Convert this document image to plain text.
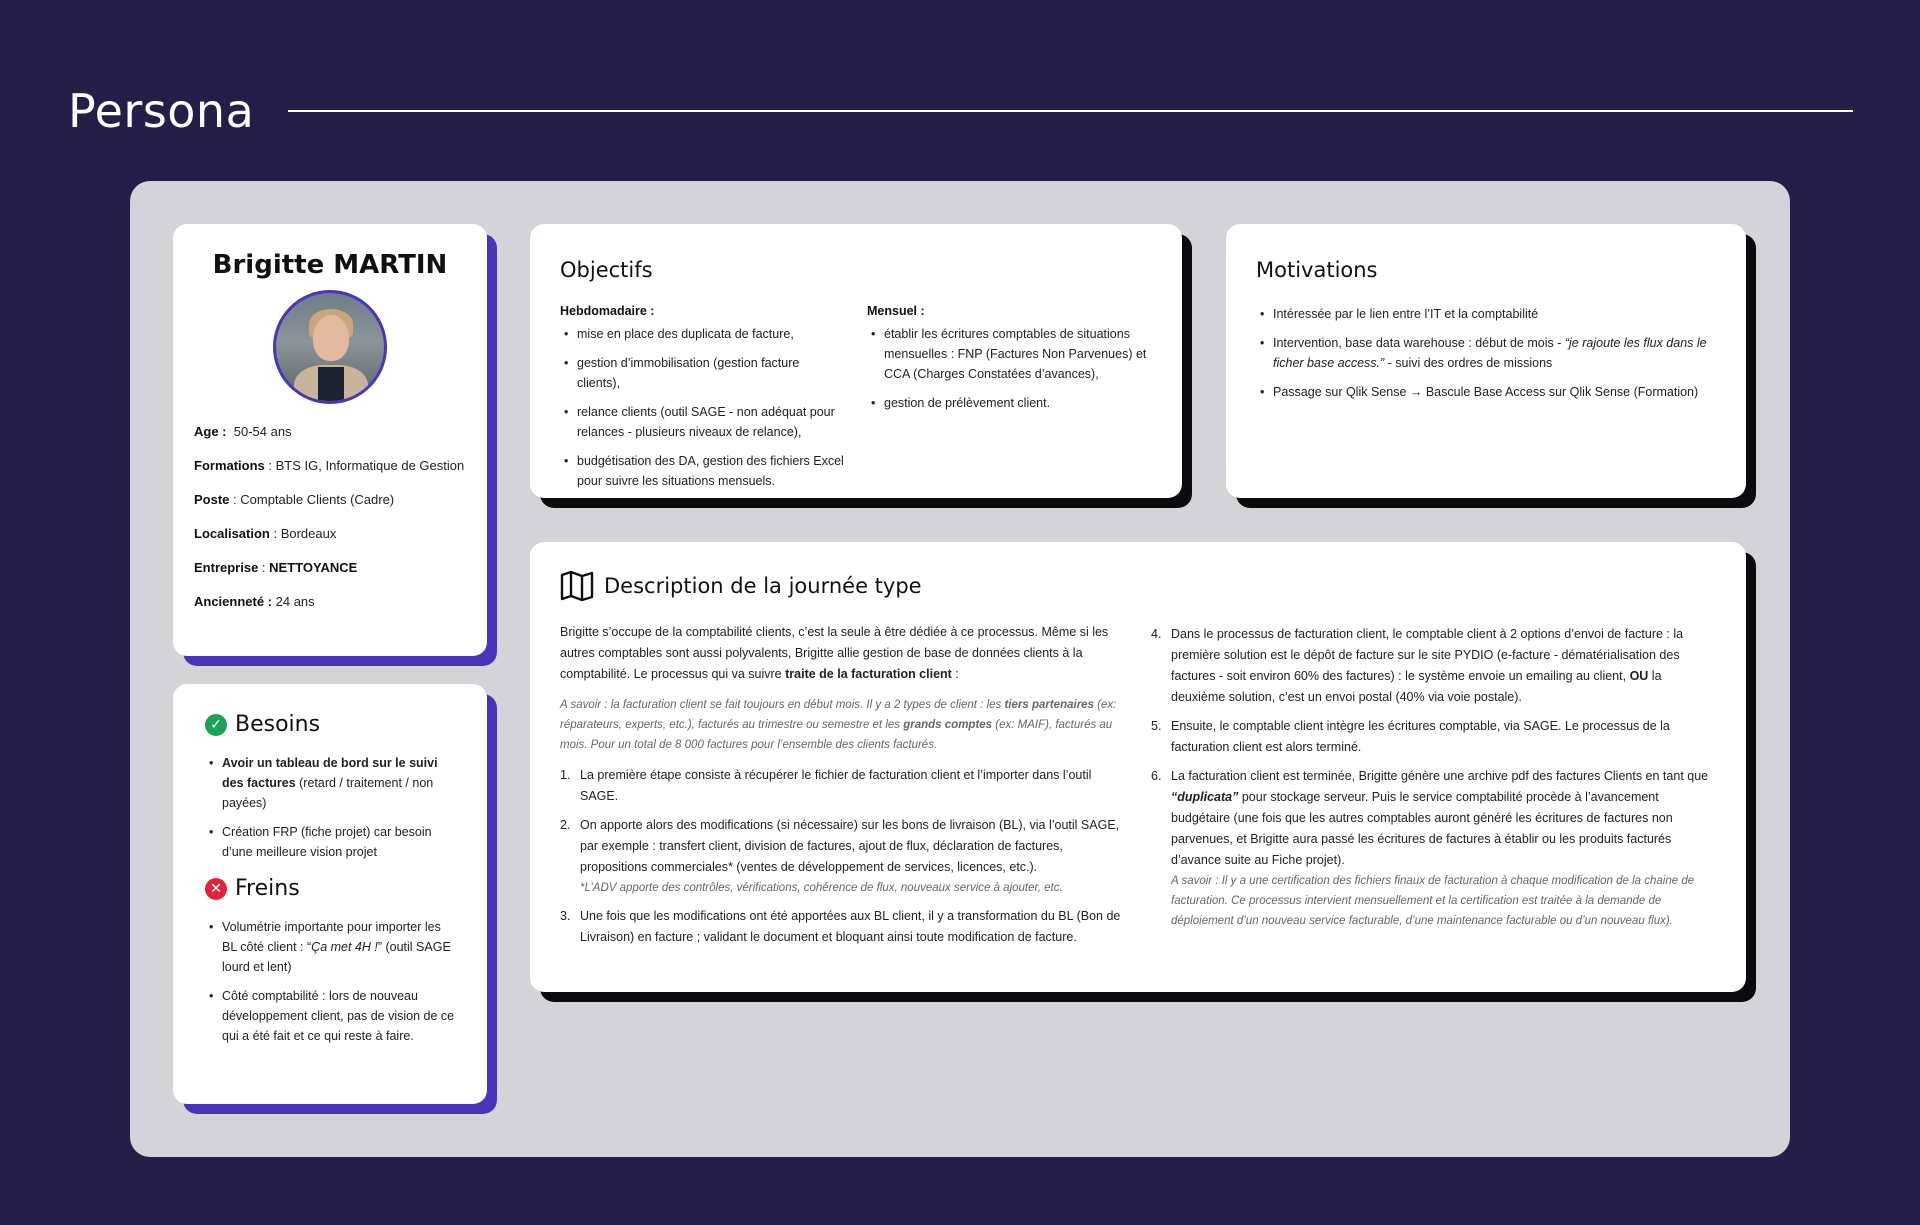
Persona
Brigitte MARTIN
Age : 50-54 ans
Formations : BTS IG, Informatique de Gestion
Poste : Comptable Clients (Cadre)
Localisation : Bordeaux
Entreprise : NETTOYANCE
Ancienneté : 24 ans
✓ Besoins
• Avoir un tableau de bord sur le suivi des factures (retard / traitement / non payées)
• Création FRP (fiche projet) car besoin d’une meilleure vision projet
✕ Freins
• Volumétrie importante pour importer les BL côté client : “Ça met 4H !” (outil SAGE lourd et lent)
• Côté comptabilité : lors de nouveau développement client, pas de vision de ce qui a été fait et ce qui reste à faire.
Objectifs
Hebdomadaire :
• mise en place des duplicata de facture,
• gestion d’immobilisation (gestion facture clients),
• relance clients (outil SAGE - non adéquat pour relances - plusieurs niveaux de relance),
• budgétisation des DA, gestion des fichiers Excel pour suivre les situations mensuels.
Mensuel :
• établir les écritures comptables de situations mensuelles : FNP (Factures Non Parvenues) et CCA (Charges Constatées d’avances),
• gestion de prélèvement client.
Motivations
• Intéressée par le lien entre l’IT et la comptabilité
• Intervention, base data warehouse : début de mois - “je rajoute les flux dans le ficher base access.” - suivi des ordres de missions
• Passage sur Qlik Sense → Bascule Base Access sur Qlik Sense (Formation)
Description de la journée type

Brigitte s’occupe de la comptabilité clients, c’est la seule à être dédiée à ce processus. Même si les autres comptables sont aussi polyvalents, Brigitte allie gestion de base de données clients à la comptabilité. Le processus qui va suivre traite de la facturation client :

A savoir : la facturation client se fait toujours en début mois. Il y a 2 types de client : les tiers partenaires (ex: réparateurs, experts, etc.), facturés au trimestre ou semestre et les grands comptes (ex: MAIF), facturés au mois. Pour un total de 8 000 factures pour l’ensemble des clients facturés.

1. La première étape consiste à récupérer le fichier de facturation client et l’importer dans l’outil SAGE.
2. On apporte alors des modifications (si nécessaire) sur les bons de livraison (BL), via l’outil SAGE, par exemple : transfert client, division de factures, ajout de flux, déclaration de factures, propositions commerciales* (ventes de développement de services, licences, etc.).
*L’ADV apporte des contrôles, vérifications, cohérence de flux, nouveaux service à ajouter, etc.
3. Une fois que les modifications ont été apportées aux BL client, il y a transformation du BL (Bon de Livraison) en facture ; validant le document et bloquant ainsi toute modification de facture.
4. Dans le processus de facturation client, le comptable client à 2 options d’envoi de facture : la première solution est le dépôt de facture sur le site PYDIO (e-facture - dématérialisation des factures - soit environ 60% des factures) : le système envoie un emailing au client, OU la deuxième solution, c’est un envoi postal (40% via voie postale).
5. Ensuite, le comptable client intègre les écritures comptable, via SAGE. Le processus de la facturation client est alors terminé.
6. La facturation client est terminée, Brigitte génère une archive pdf des factures Clients en tant que “duplicata” pour stockage serveur. Puis le service comptabilité procède à l’avancement budgétaire (une fois que les autres comptables auront généré les écritures de factures non parvenues, et Brigitte aura passé les écritures de factures à établir ou les produits facturés d’avance suite au Fiche projet).
A savoir : Il y a une certification des fichiers finaux de facturation à chaque modification de la chaine de facturation. Ce processus intervient mensuellement et la certification est traitée à la demande de déploiement d’un nouveau service facturable, d’une maintenance facturable ou d’un nouveau flux).
